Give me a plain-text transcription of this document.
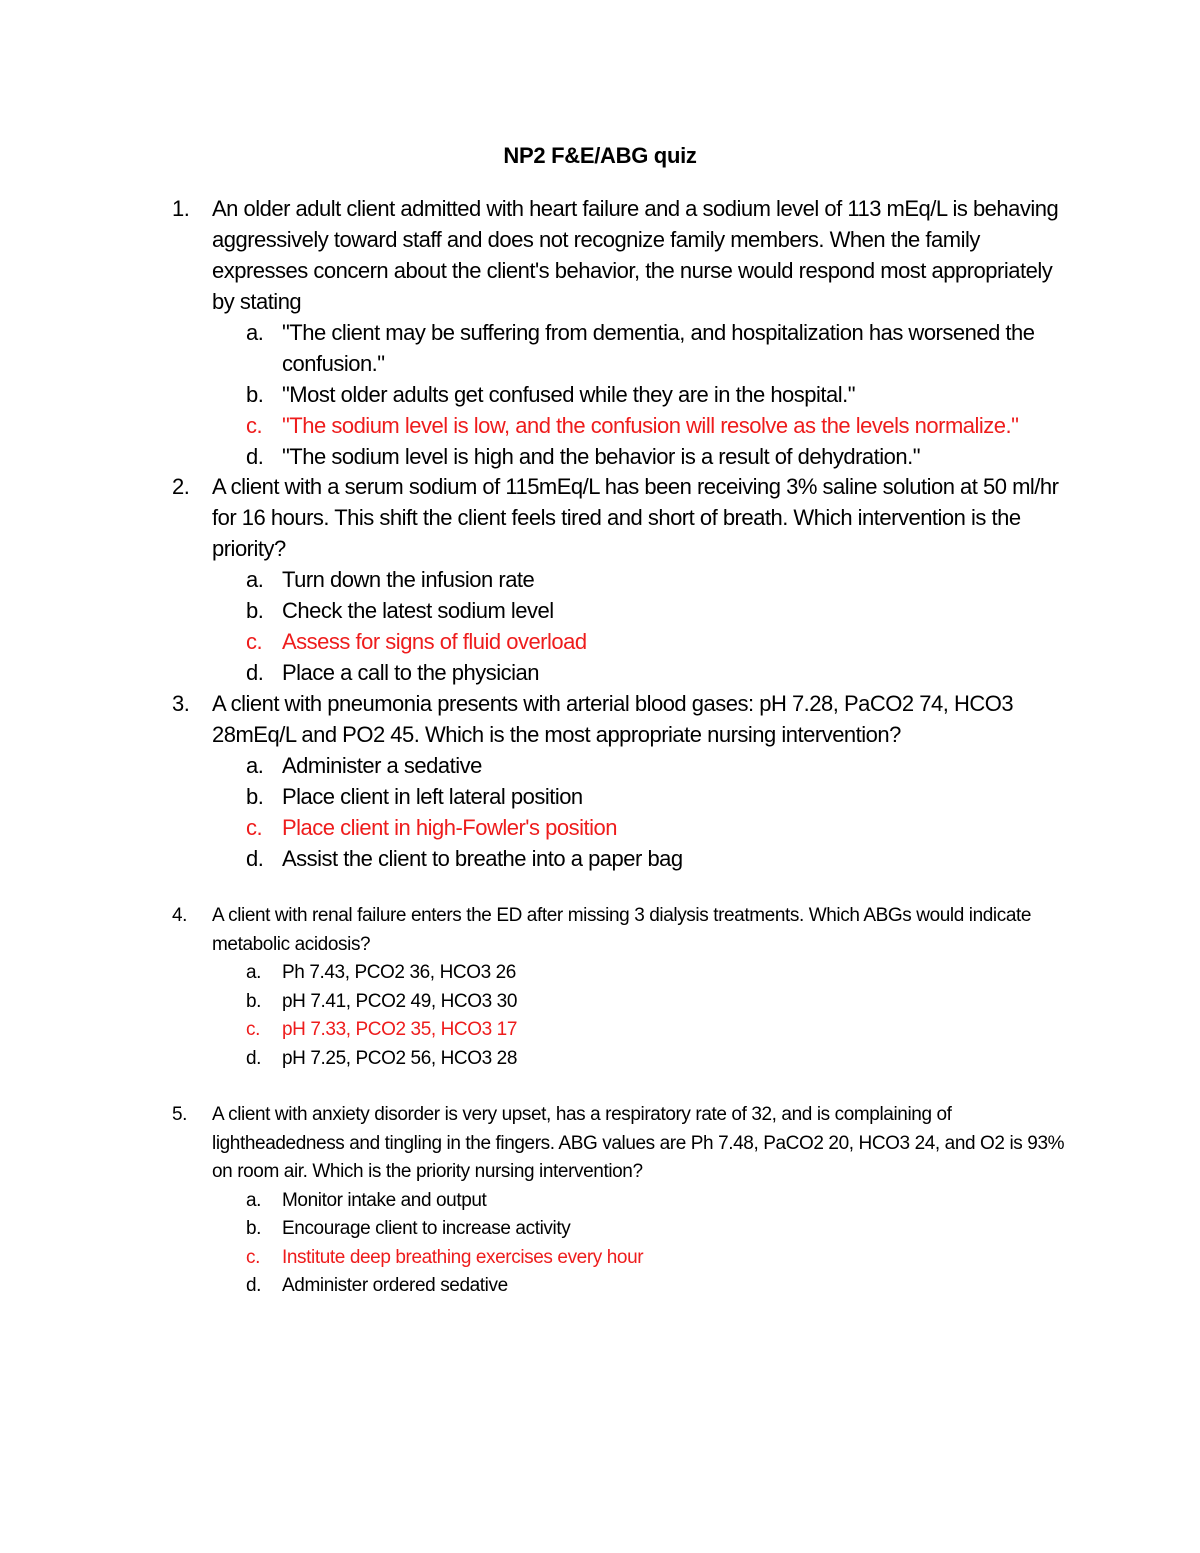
NP2 F&E/ABG quiz
1. An older adult client admitted with heart failure and a sodium level of 113 mEq/L is behaving aggressively toward staff and does not recognize family members. When the family expresses concern about the client's behavior, the nurse would respond most appropriately by stating
a. "The client may be suffering from dementia, and hospitalization has worsened the confusion."
b. "Most older adults get confused while they are in the hospital."
c. "The sodium level is low, and the confusion will resolve as the levels normalize."
d. "The sodium level is high and the behavior is a result of dehydration."
2. A client with a serum sodium of 115mEq/L has been receiving 3% saline solution at 50 ml/hr for 16 hours. This shift the client feels tired and short of breath. Which intervention is the priority?
a. Turn down the infusion rate
b. Check the latest sodium level
c. Assess for signs of fluid overload
d. Place a call to the physician
3. A client with pneumonia presents with arterial blood gases: pH 7.28, PaCO2 74, HCO3 28mEq/L and PO2 45. Which is the most appropriate nursing intervention?
a. Administer a sedative
b. Place client in left lateral position
c. Place client in high-Fowler's position
d. Assist the client to breathe into a paper bag
4. A client with renal failure enters the ED after missing 3 dialysis treatments. Which ABGs would indicate metabolic acidosis?
a. Ph 7.43, PCO2 36, HCO3 26
b. pH 7.41, PCO2 49, HCO3 30
c. pH 7.33, PCO2 35, HCO3 17
d. pH 7.25, PCO2 56, HCO3 28
5. A client with anxiety disorder is very upset, has a respiratory rate of 32, and is complaining of lightheadedness and tingling in the fingers. ABG values are Ph 7.48, PaCO2 20, HCO3 24, and O2 is 93% on room air. Which is the priority nursing intervention?
a. Monitor intake and output
b. Encourage client to increase activity
c. Institute deep breathing exercises every hour
d. Administer ordered sedative
